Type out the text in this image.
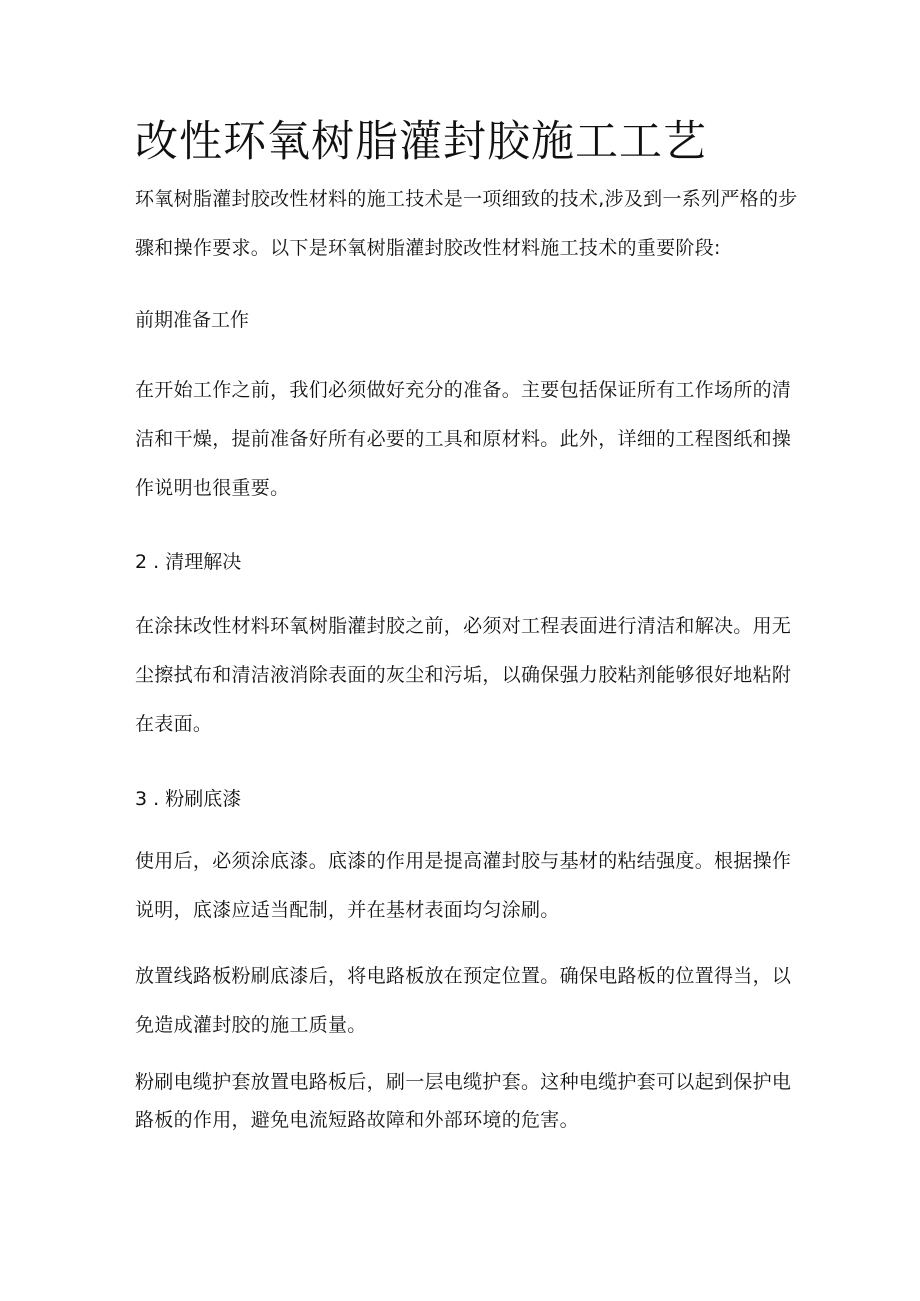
改性环氧树脂灌封胶施工工艺

环氧树脂灌封胶改性材料的施工技术是一项细致的技术,涉及到一系列严格的步骤和操作要求。以下是环氧树脂灌封胶改性材料施工技术的重要阶段:

前期准备工作

在开始工作之前，我们必须做好充分的准备。主要包括保证所有工作场所的清洁和干燥，提前准备好所有必要的工具和原材料。此外，详细的工程图纸和操作说明也很重要。

2 . 清理解决

在涂抹改性材料环氧树脂灌封胶之前，必须对工程表面进行清洁和解决。用无尘擦拭布和清洁液消除表面的灰尘和污垢，以确保强力胶粘剂能够很好地粘附在表面。

3 . 粉刷底漆

使用后，必须涂底漆。底漆的作用是提高灌封胶与基材的粘结强度。根据操作说明，底漆应适当配制，并在基材表面均匀涂刷。

放置线路板粉刷底漆后，将电路板放在预定位置。确保电路板的位置得当，以免造成灌封胶的施工质量。

粉刷电缆护套放置电路板后，刷一层电缆护套。这种电缆护套可以起到保护电路板的作用，避免电流短路故障和外部环境的危害。
